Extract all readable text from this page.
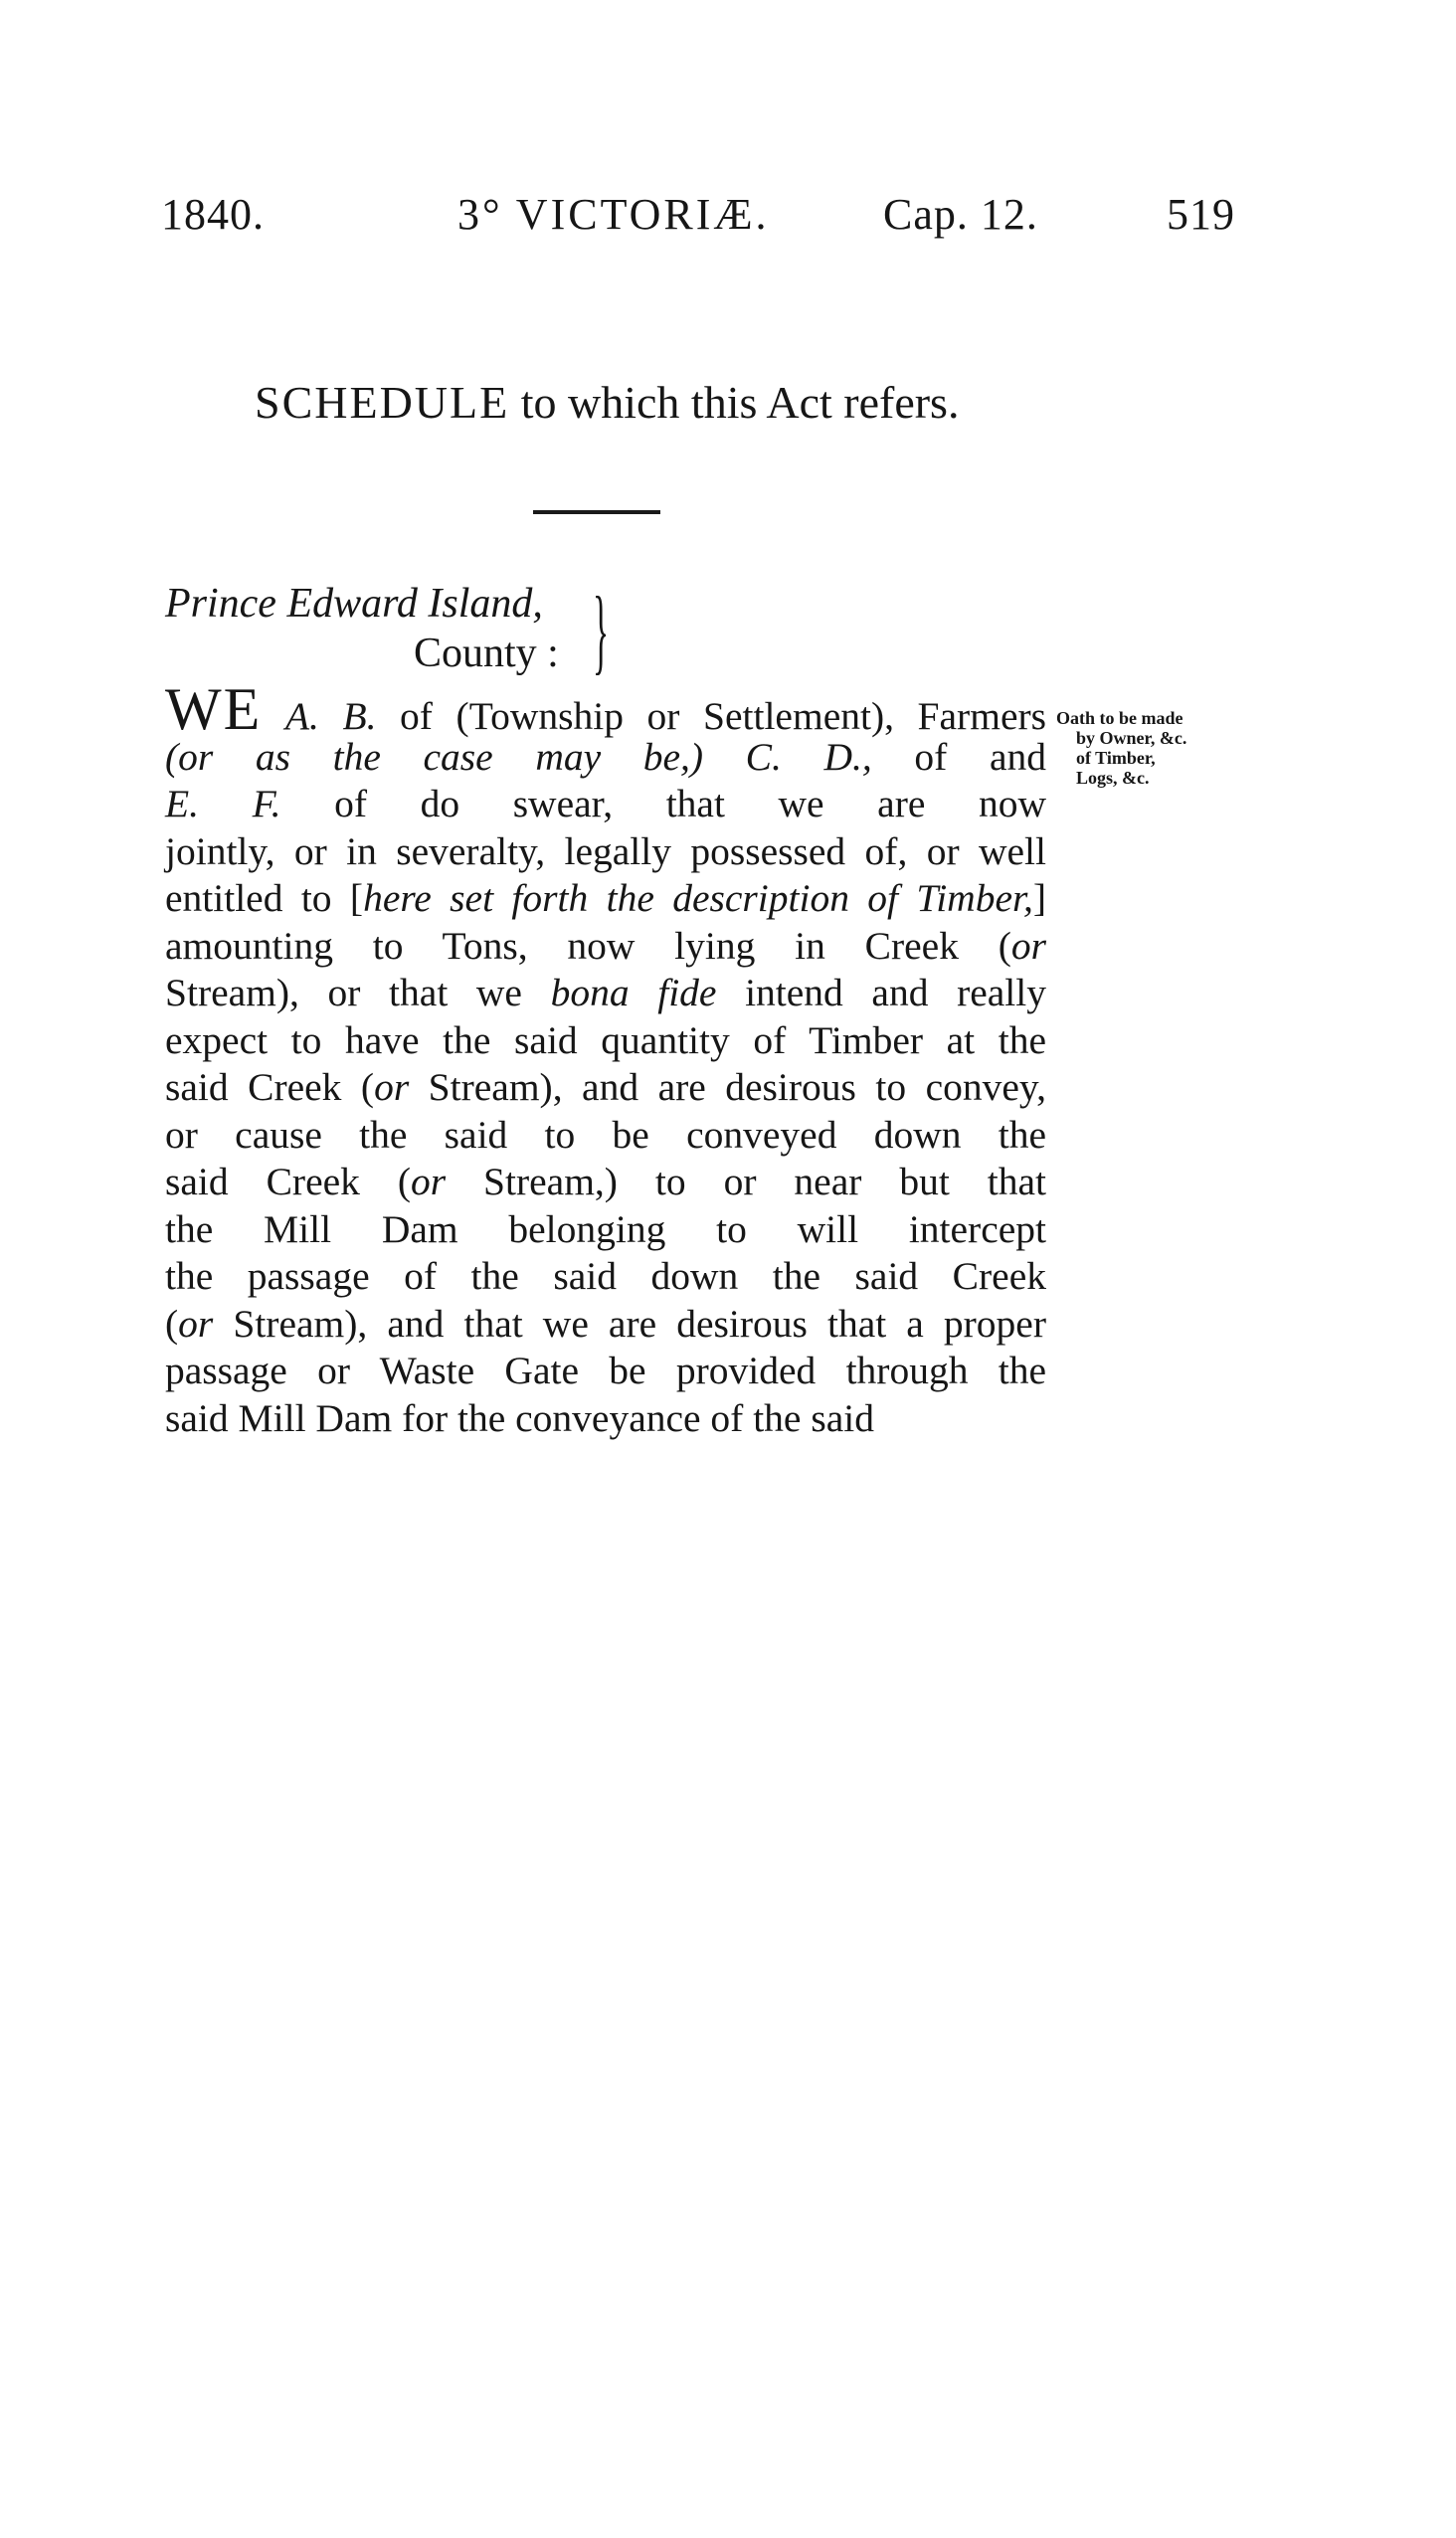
1840.	3° VICTORIÆ.	Cap. 12.	519
SCHEDULE to which this Act refers.
Prince Edward Island,
County : }
WE A. B. of (Township or Settlement), Farmers
(or as the case may be,) C. D., of and
E. F. of do swear, that we are now
jointly, or in severalty, legally possessed of, or well
entitled to [here set forth the description of Timber,]
amounting to Tons, now lying in Creek (or
Stream), or that we bona fide intend and really
expect to have the said quantity of Timber at the
said Creek (or Stream), and are desirous to convey,
or cause the said to be conveyed down the
said Creek (or Stream,) to or near but that
the Mill Dam belonging to will intercept
the passage of the said down the said Creek
(or Stream), and that we are desirous that a proper
passage or Waste Gate be provided through the
said Mill Dam for the conveyance of the said
Oath to be made
by Owner, &c.
of Timber,
Logs, &c.
